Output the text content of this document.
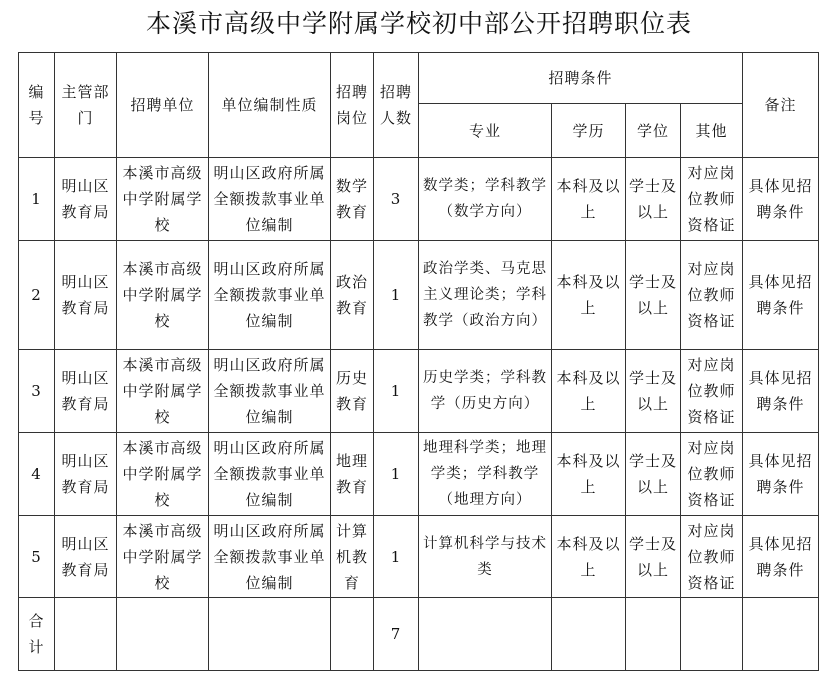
本溪市高级中学附属学校初中部公开招聘职位表
编号	主管部门	招聘单位	单位编制性质	招聘岗位	招聘人数	招聘条件				备注
						专业	学历	学位	其他	
1	明山区教育局	本溪市高级中学附属学校	明山区政府所属全额拨款事业单位编制	数学教育	3	数学类；学科教学（数学方向）	本科及以上	学士及以上	对应岗位教师资格证	具体见招聘条件
2	明山区教育局	本溪市高级中学附属学校	明山区政府所属全额拨款事业单位编制	政治教育	1	政治学类、马克思主义理论类；学科教学（政治方向）	本科及以上	学士及以上	对应岗位教师资格证	具体见招聘条件
3	明山区教育局	本溪市高级中学附属学校	明山区政府所属全额拨款事业单位编制	历史教育	1	历史学类；学科教学（历史方向）	本科及以上	学士及以上	对应岗位教师资格证	具体见招聘条件
4	明山区教育局	本溪市高级中学附属学校	明山区政府所属全额拨款事业单位编制	地理教育	1	地理科学类；地理学类；学科教学（地理方向）	本科及以上	学士及以上	对应岗位教师资格证	具体见招聘条件
5	明山区教育局	本溪市高级中学附属学校	明山区政府所属全额拨款事业单位编制	计算机教育	1	计算机科学与技术类	本科及以上	学士及以上	对应岗位教师资格证	具体见招聘条件
合计					7					
